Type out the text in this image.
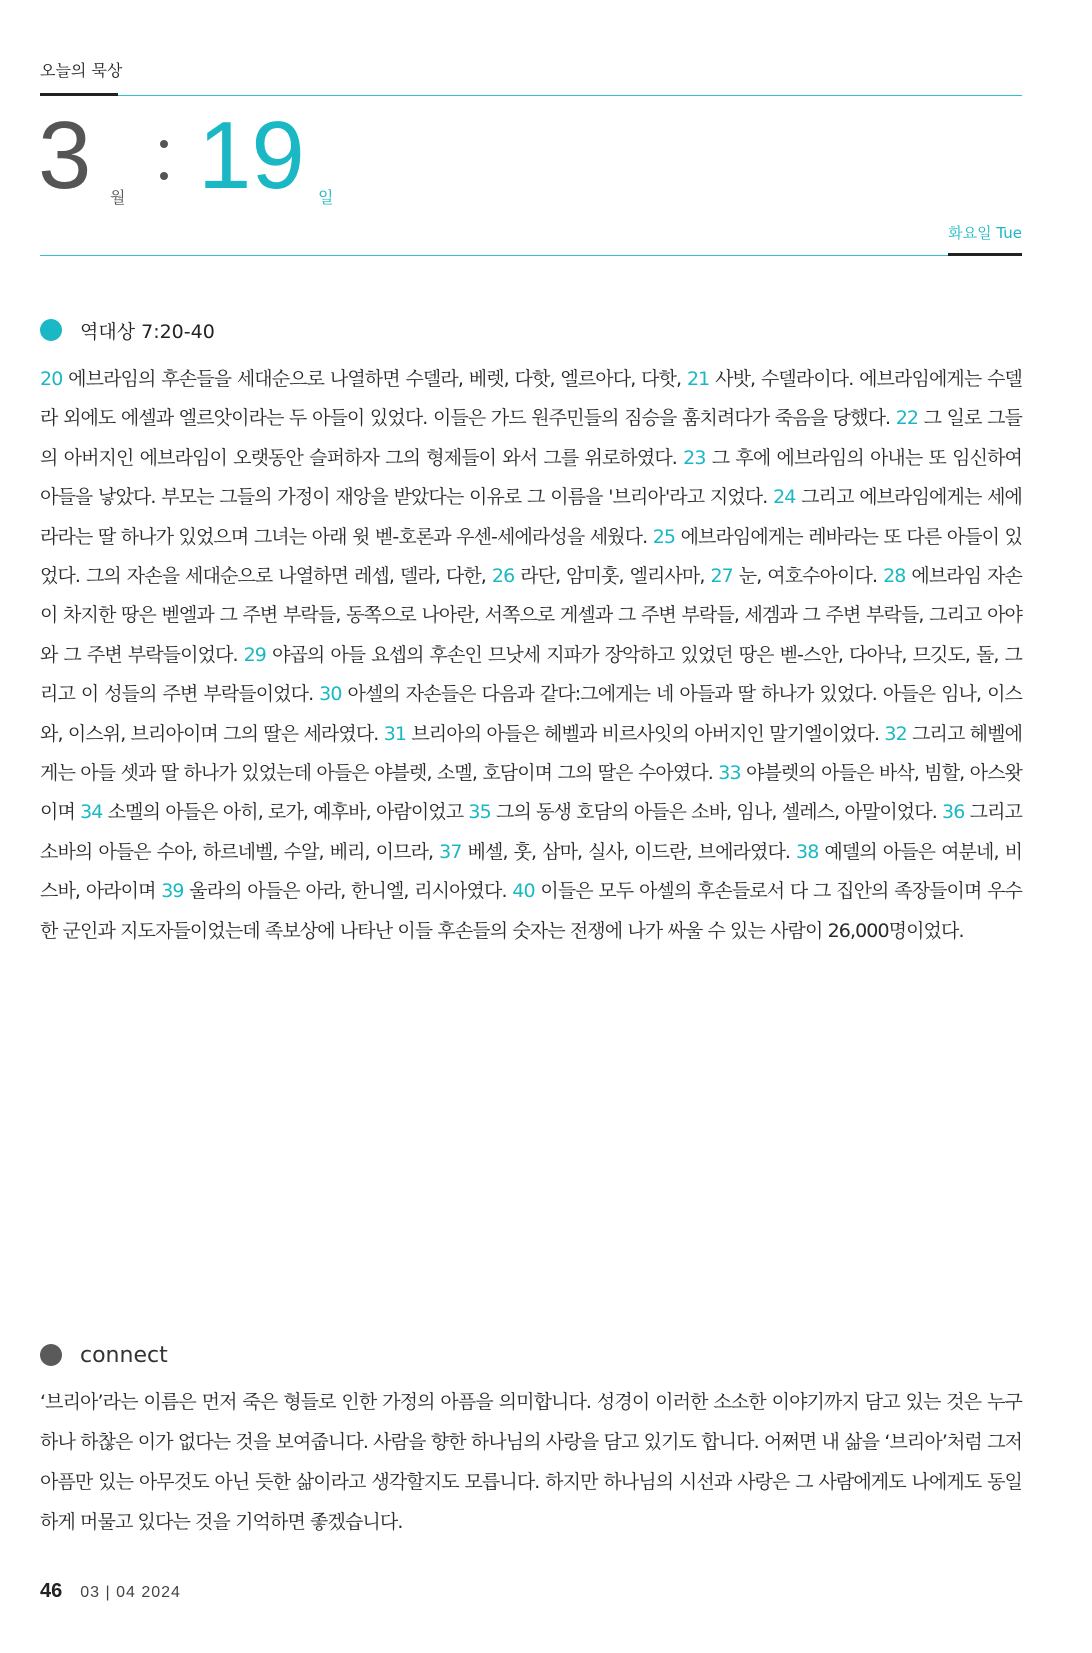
오늘의 묵상
3 월 19 일
화요일 Tue
역대상 7:20-40

20 에브라임의 후손들을 세대순으로 나열하면 수델라, 베렛, 다핫, 엘르아다, 다핫, 21 사밧, 수델라이다. 에브라임에게는 수델라 외에도 에셀과 엘르앗이라는 두 아들이 있었다. 이들은 가드 원주민들의 짐승을 훔치려다가 죽음을 당했다. 22 그 일로 그들의 아버지인 에브라임이 오랫동안 슬퍼하자 그의 형제들이 와서 그를 위로하였다. 23 그 후에 에브라임의 아내는 또 임신하여 아들을 낳았다. 부모는 그들의 가정이 재앙을 받았다는 이유로 그 이름을 '브리아'라고 지었다. 24 그리고 에브라임에게는 세에라라는 딸 하나가 있었으며 그녀는 아래 윗 벧-호론과 우센-세에라성을 세웠다. 25 에브라임에게는 레바라는 또 다른 아들이 있었다. 그의 자손을 세대순으로 나열하면 레셉, 델라, 다한, 26 라단, 암미훗, 엘리사마, 27 눈, 여호수아이다. 28 에브라임 자손이 차지한 땅은 벧엘과 그 주변 부락들, 동쪽으로 나아란, 서쪽으로 게셀과 그 주변 부락들, 세겜과 그 주변 부락들, 그리고 아야와 그 주변 부락들이었다. 29 야곱의 아들 요셉의 후손인 므낫세 지파가 장악하고 있었던 땅은 벧-스안, 다아낙, 므깃도, 돌, 그리고 이 성들의 주변 부락들이었다. 30 아셀의 자손들은 다음과 같다:그에게는 네 아들과 딸 하나가 있었다. 아들은 임나, 이스와, 이스위, 브리아이며 그의 딸은 세라였다. 31 브리아의 아들은 헤벨과 비르사잇의 아버지인 말기엘이었다. 32 그리고 헤벨에게는 아들 셋과 딸 하나가 있었는데 아들은 야블렛, 소멜, 호담이며 그의 딸은 수아였다. 33 야블렛의 아들은 바삭, 빔할, 아스왓이며 34 소멜의 아들은 아히, 로가, 예후바, 아람이었고 35 그의 동생 호담의 아들은 소바, 임나, 셀레스, 아말이었다. 36 그리고 소바의 아들은 수아, 하르네벨, 수알, 베리, 이므라, 37 베셀, 훗, 삼마, 실사, 이드란, 브에라였다. 38 예델의 아들은 여분네, 비스바, 아라이며 39 울라의 아들은 아라, 한니엘, 리시아였다. 40 이들은 모두 아셀의 후손들로서 다 그 집안의 족장들이며 우수한 군인과 지도자들이었는데 족보상에 나타난 이들 후손들의 숫자는 전쟁에 나가 싸울 수 있는 사람이 26,000명이었다.

connect

‘브리아’라는 이름은 먼저 죽은 형들로 인한 가정의 아픔을 의미합니다. 성경이 이러한 소소한 이야기까지 담고 있는 것은 누구 하나 하찮은 이가 없다는 것을 보여줍니다. 사람을 향한 하나님의 사랑을 담고 있기도 합니다. 어쩌면 내 삶을 ‘브리아’처럼 그저 아픔만 있는 아무것도 아닌 듯한 삶이라고 생각할지도 모릅니다. 하지만 하나님의 시선과 사랑은 그 사람에게도 나에게도 동일하게 머물고 있다는 것을 기억하면 좋겠습니다.

46 03 | 04 2024
